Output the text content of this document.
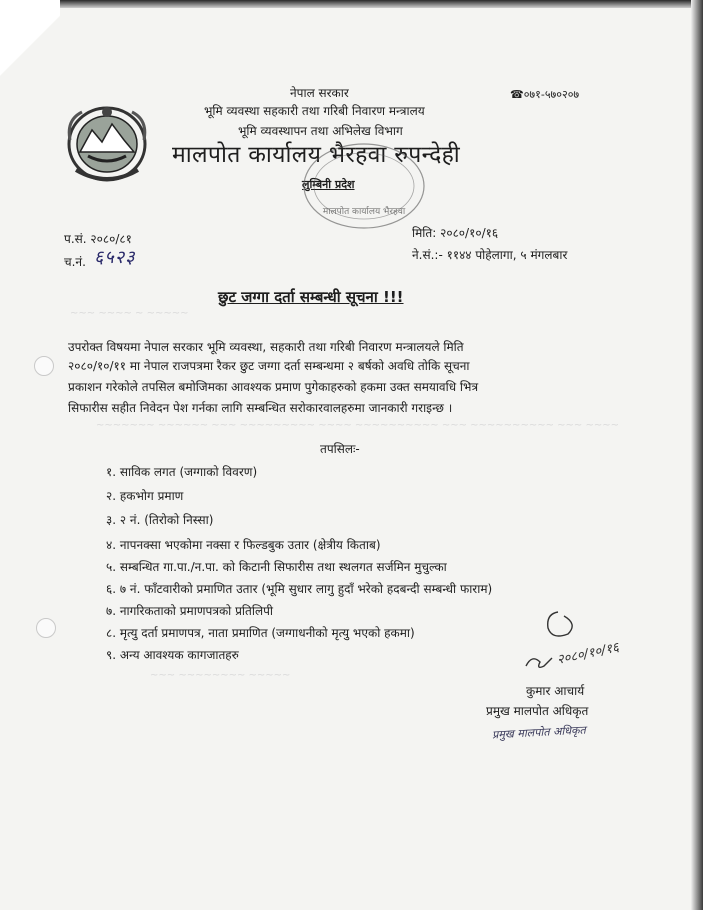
~~~ ~~~~ ~ ~~~~~
~~~~~~~ ~~~~~~ ~~~ ~~~~~~~~~ ~~~~ ~~~~~~~~~~ ~~~ ~~~~~~~~~~ ~~~ ~~~~
~~~ ~~~~~~~~ ~~~~~
नेपाल सरकार
भूमि व्यवस्था सहकारी तथा गरिबी निवारण मन्त्रालय
भूमि व्यवस्थापन तथा अभिलेख विभाग
मालपोत कार्यालय भैरहवा रुपन्देही
लुम्बिनी प्रदेश
☎०७१-५७०२०७
मालपोत कार्यालय भैरहवा
प.सं. २०८०/८१
च.नं. ६५२३
मिति: २०८०/१०/१६
ने.सं.:- ११४४ पोहेलागा, ५ मंगलबार
छुट जग्गा दर्ता सम्बन्धी सूचना !!!
उपरोक्त विषयमा नेपाल सरकार भूमि व्यवस्था, सहकारी तथा गरिबी निवारण मन्त्रालयले मिति
२०८०/१०/११ मा नेपाल राजपत्रमा रैकर छुट जग्गा दर्ता सम्बन्धमा २ बर्षको अवधि तोकि सूचना
प्रकाशन गरेकोले तपसिल बमोजिमका आवश्यक प्रमाण पुगेकाहरुको हकमा उक्त समयावधि भित्र
सिफारीस सहीत निवेदन पेश गर्नका लागि सम्बन्धित सरोकारवालहरुमा जानकारी गराइन्छ ।
तपसिलः-
१. साविक लगत (जग्गाको विवरण)
२. हकभोग प्रमाण
३. २ नं. (तिरोको निस्सा)
४. नापनक्सा भएकोमा नक्सा र फिल्डबुक उतार (क्षेत्रीय किताब)
५. सम्बन्धित गा.पा./न.पा. को किटानी सिफारीस तथा स्थलगत सर्जमिन मुचुल्का
६. ७ नं. फाँटवारीको प्रमाणित उतार (भूमि सुधार लागु हुदाँ भरेको हदबन्दी सम्बन्धी फाराम)
७. नागरिकताको प्रमाणपत्रको प्रतिलिपी
८. मृत्यु दर्ता प्रमाणपत्र, नाता प्रमाणित (जग्गाधनीको मृत्यु भएको हकमा)
९. अन्य आवश्यक कागजातहरु	२०८०/१०/१६
कुमार आचार्य
प्रमुख मालपोत अधिकृत
प्रमुख मालपोत अधिकृत
